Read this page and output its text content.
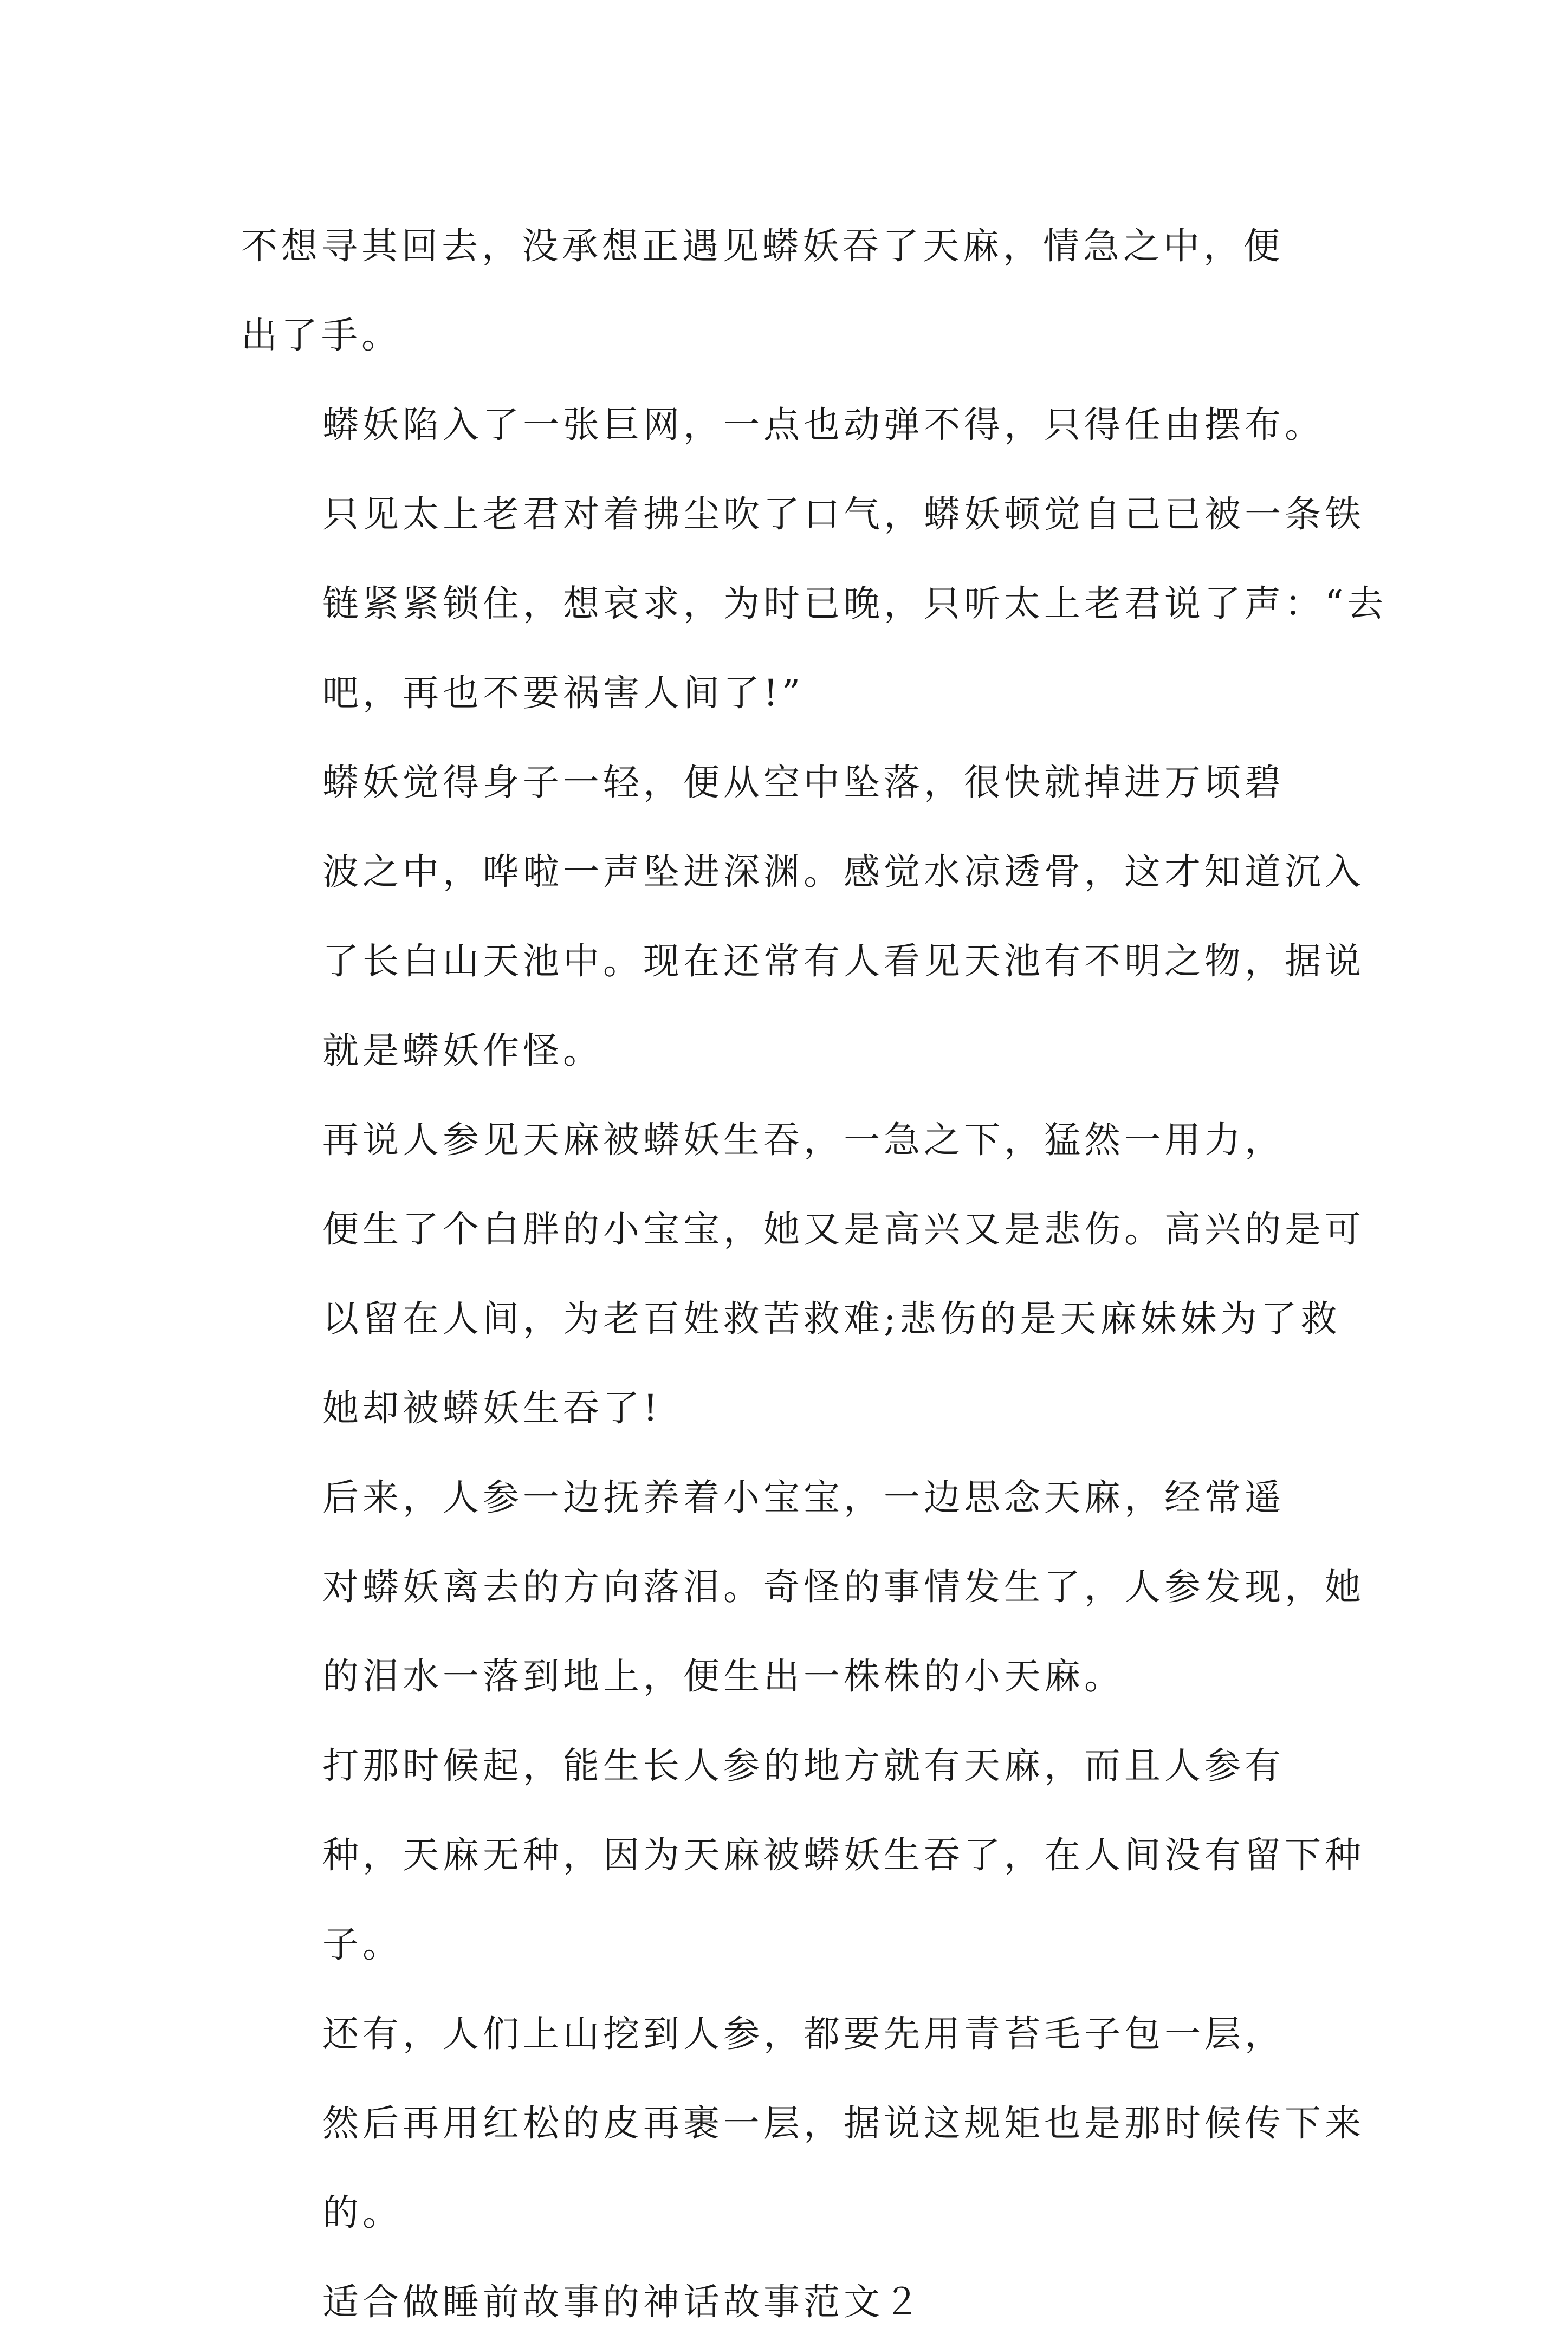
不想寻其回去，没承想正遇见蟒妖吞了天麻，情急之中，便
出了手。

蟒妖陷入了一张巨网，一点也动弹不得，只得任由摆布。
只见太上老君对着拂尘吹了口气，蟒妖顿觉自己已被一条铁
链紧紧锁住，想哀求，为时已晚，只听太上老君说了声：“去
吧，再也不要祸害人间了!”

蟒妖觉得身子一轻，便从空中坠落，很快就掉进万顷碧
波之中，哗啦一声坠进深渊。感觉水凉透骨，这才知道沉入
了长白山天池中。现在还常有人看见天池有不明之物，据说
就是蟒妖作怪。

再说人参见天麻被蟒妖生吞，一急之下，猛然一用力，
便生了个白胖的小宝宝，她又是高兴又是悲伤。高兴的是可
以留在人间，为老百姓救苦救难;悲伤的是天麻妹妹为了救
她却被蟒妖生吞了!

后来，人参一边抚养着小宝宝，一边思念天麻，经常遥
对蟒妖离去的方向落泪。奇怪的事情发生了，人参发现，她
的泪水一落到地上，便生出一株株的小天麻。

打那时候起，能生长人参的地方就有天麻，而且人参有
种，天麻无种，因为天麻被蟒妖生吞了，在人间没有留下种
子。

还有，人们上山挖到人参，都要先用青苔毛子包一层，
然后再用红松的皮再裹一层，据说这规矩也是那时候传下来
的。

适合做睡前故事的神话故事范文２
